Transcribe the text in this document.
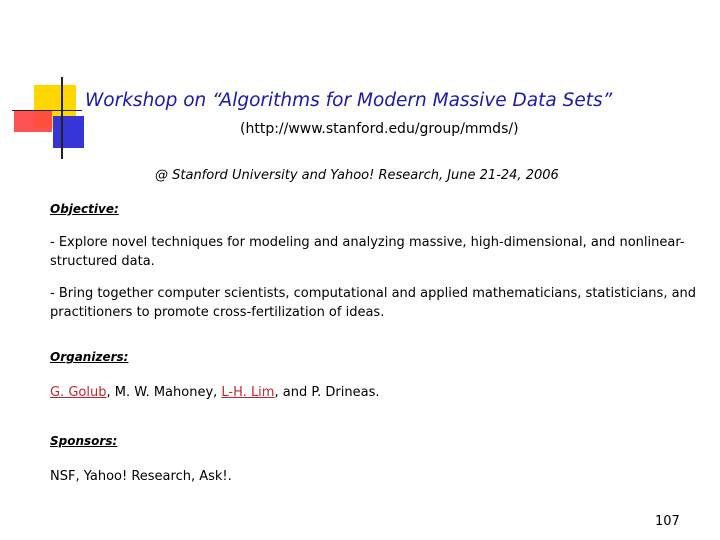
Workshop on “Algorithms for Modern Massive Data Sets”
(http://www.stanford.edu/group/mmds/)
@ Stanford University and Yahoo! Research, June 21-24, 2006
Objective:
- Explore novel techniques for modeling and analyzing massive, high-dimensional, and nonlinear-structured data.
- Bring together computer scientists, computational and applied mathematicians, statisticians, and practitioners to promote cross-fertilization of ideas.
Organizers:
G. Golub, M. W. Mahoney, L-H. Lim, and P. Drineas.
Sponsors:
NSF, Yahoo! Research, Ask!.
107
